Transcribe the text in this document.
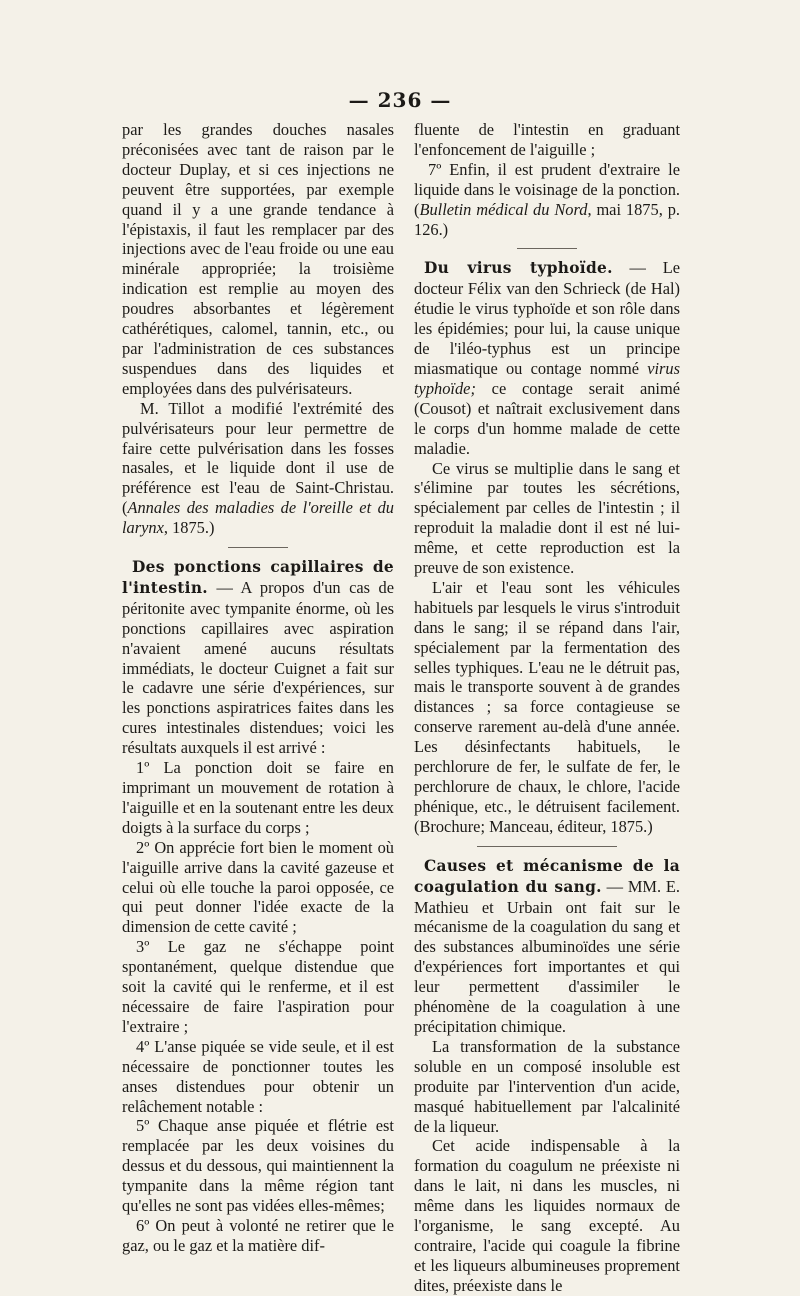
— 236 —

par les grandes douches nasales préconisées avec tant de raison par le docteur Duplay, et si ces injections ne peuvent être supportées, par exemple quand il y a une grande tendance à l'épistaxis, il faut les remplacer par des injections avec de l'eau froide ou une eau minérale appropriée; la troisième indication est remplie au moyen des poudres absorbantes et légèrement cathérétiques, calomel, tannin, etc., ou par l'administration de ces substances suspendues dans des liquides et employées dans des pulvérisateurs.

M. Tillot a modifié l'extrémité des pulvérisateurs pour leur permettre de faire cette pulvérisation dans les fosses nasales, et le liquide dont il use de préférence est l'eau de Saint-Christau. (Annales des maladies de l'oreille et du larynx, 1875.)

Des ponctions capillaires de l'intestin. — A propos d'un cas de péritonite avec tympanite énorme, où les ponctions capillaires avec aspiration n'avaient amené aucuns résultats immédiats, le docteur Cuignet a fait sur le cadavre une série d'expériences, sur les ponctions aspiratrices faites dans les cures intestinales distendues; voici les résultats auxquels il est arrivé :

1º La ponction doit se faire en imprimant un mouvement de rotation à l'aiguille et en la soutenant entre les deux doigts à la surface du corps ;

2º On apprécie fort bien le moment où l'aiguille arrive dans la cavité gazeuse et celui où elle touche la paroi opposée, ce qui peut donner l'idée exacte de la dimension de cette cavité ;

3º Le gaz ne s'échappe point spontanément, quelque distendue que soit la cavité qui le renferme, et il est nécessaire de faire l'aspiration pour l'extraire ;

4º L'anse piquée se vide seule, et il est nécessaire de ponctionner toutes les anses distendues pour obtenir un relâchement notable :

5º Chaque anse piquée et flétrie est remplacée par les deux voisines du dessus et du dessous, qui maintiennent la tympanite dans la même région tant qu'elles ne sont pas vidées elles-mêmes;

6º On peut à volonté ne retirer que le gaz, ou le gaz et la matière dif-

fluente de l'intestin en graduant l'enfoncement de l'aiguille ;

7º Enfin, il est prudent d'extraire le liquide dans le voisinage de la ponction. (Bulletin médical du Nord, mai 1875, p. 126.)

Du virus typhoïde. — Le docteur Félix van den Schrieck (de Hal) étudie le virus typhoïde et son rôle dans les épidémies; pour lui, la cause unique de l'iléo-typhus est un principe miasmatique ou contage nommé virus typhoïde; ce contage serait animé (Cousot) et naîtrait exclusivement dans le corps d'un homme malade de cette maladie.

Ce virus se multiplie dans le sang et s'élimine par toutes les sécrétions, spécialement par celles de l'intestin ; il reproduit la maladie dont il est né lui-même, et cette reproduction est la preuve de son existence.

L'air et l'eau sont les véhicules habituels par lesquels le virus s'introduit dans le sang; il se répand dans l'air, spécialement par la fermentation des selles typhiques. L'eau ne le détruit pas, mais le transporte souvent à de grandes distances ; sa force contagieuse se conserve rarement au-delà d'une année. Les désinfectants habituels, le perchlorure de fer, le sulfate de fer, le perchlorure de chaux, le chlore, l'acide phénique, etc., le détruisent facilement. (Brochure; Manceau, éditeur, 1875.)

Causes et mécanisme de la coagulation du sang. — MM. E. Mathieu et Urbain ont fait sur le mécanisme de la coagulation du sang et des substances albuminoïdes une série d'expériences fort importantes et qui leur permettent d'assimiler le phénomène de la coagulation à une précipitation chimique.

La transformation de la substance soluble en un composé insoluble est produite par l'intervention d'un acide, masqué habituellement par l'alcalinité de la liqueur.

Cet acide indispensable à la formation du coagulum ne préexiste ni dans le lait, ni dans les muscles, ni même dans les liquides normaux de l'organisme, le sang excepté. Au contraire, l'acide qui coagule la fibrine et les liqueurs albumineuses proprement dites, préexiste dans le
